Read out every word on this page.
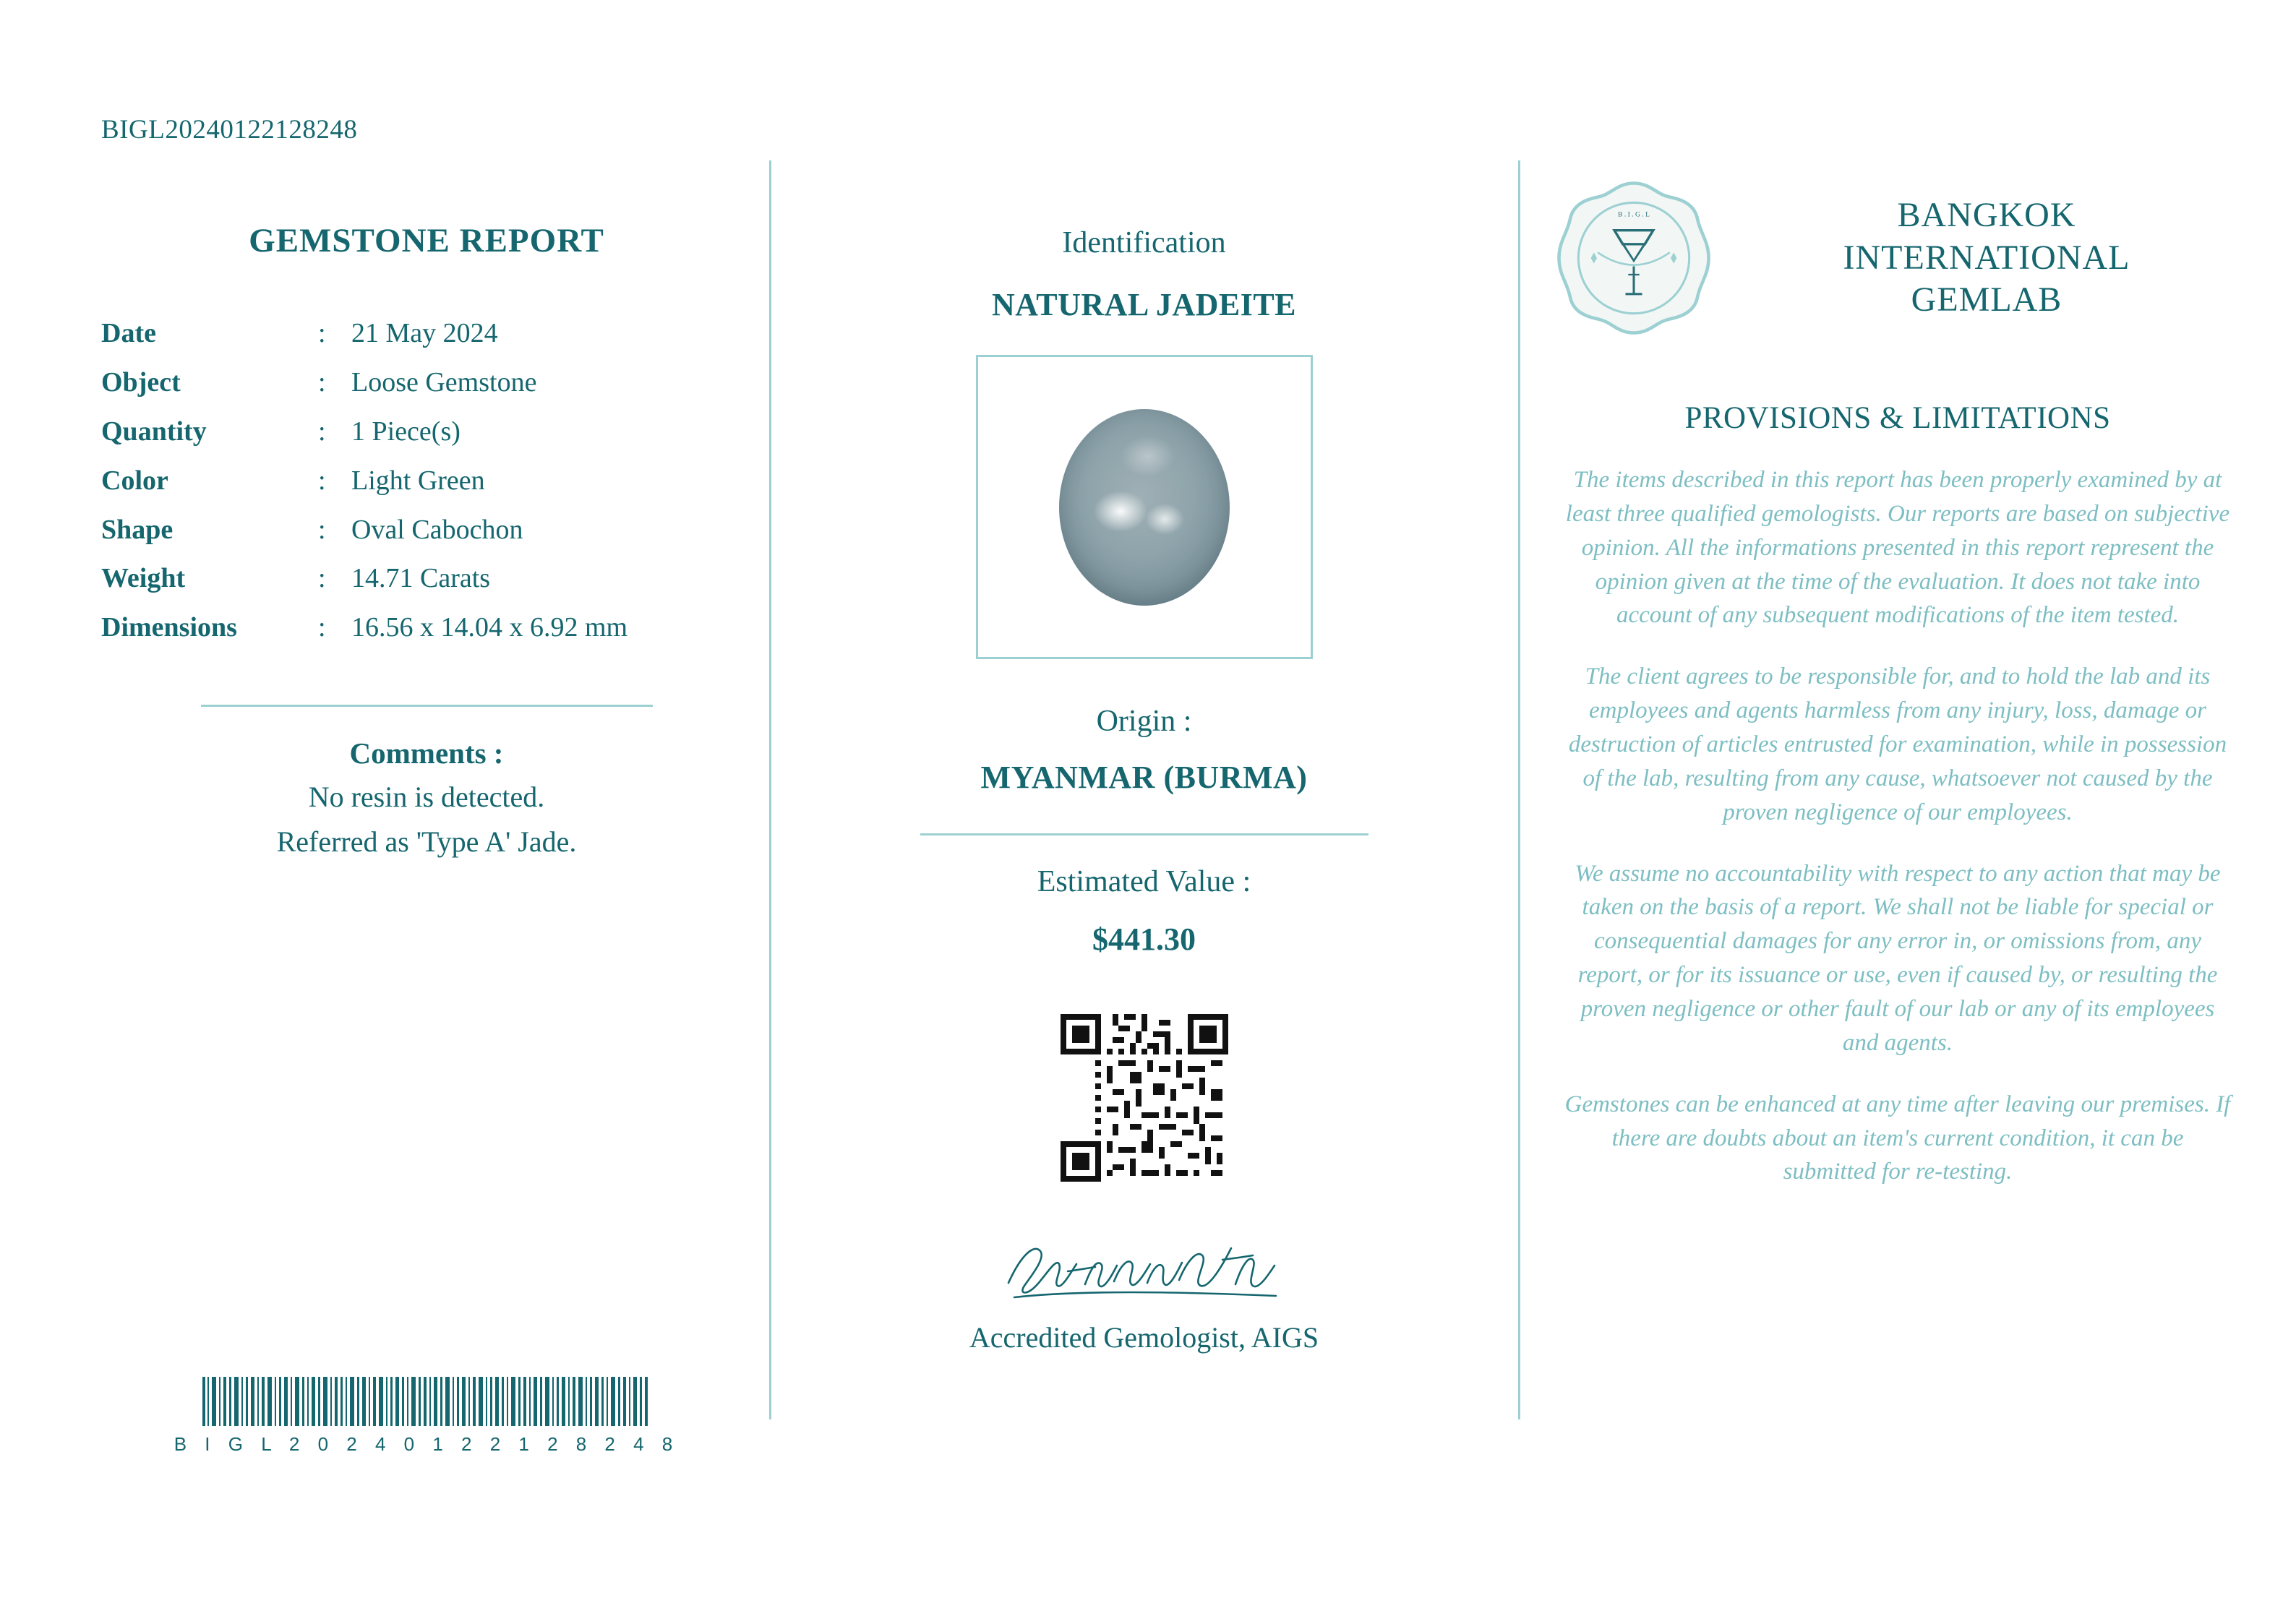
BIGL20240122128248
GEMSTONE REPORT
Date	:	21 May 2024
Object	:	Loose Gemstone
Quantity	:	1 Piece(s)
Color	:	Light Green
Shape	:	Oval Cabochon
Weight	:	14.71 Carats
Dimensions	:	16.56 x 14.04 x 6.92 mm
Comments :
No resin is detected.
Referred as 'Type A' Jade.
B I G L 2 0 2 4 0 1 2 2 1 2 8 2 4 8
Identification
NATURAL JADEITE
Origin :
MYANMAR (BURMA)
Estimated Value :
$441.30
Accredited Gemologist, AIGS
B . I . G . L	BANGKOK
INTERNATIONAL
GEMLAB
PROVISIONS & LIMITATIONS
The items described in this report has been properly examined by at least three qualified gemologists. Our reports are based on subjective opinion. All the informations presented in this report represent the opinion given at the time of the evaluation. It does not take into account of any subsequent modifications of the item tested.
The client agrees to be responsible for, and to hold the lab and its employees and agents harmless from any injury, loss, damage or destruction of articles entrusted for examination, while in possession of the lab, resulting from any cause, whatsoever not caused by the proven negligence of our employees.
We assume no accountability with respect to any action that may be taken on the basis of a report. We shall not be liable for special or consequential damages for any error in, or omissions from, any report, or for its issuance or use, even if caused by, or resulting the proven negligence or other fault of our lab or any of its employees and agents.
Gemstones can be enhanced at any time after leaving our premises. If there are doubts about an item's current condition, it can be submitted for re-testing.
